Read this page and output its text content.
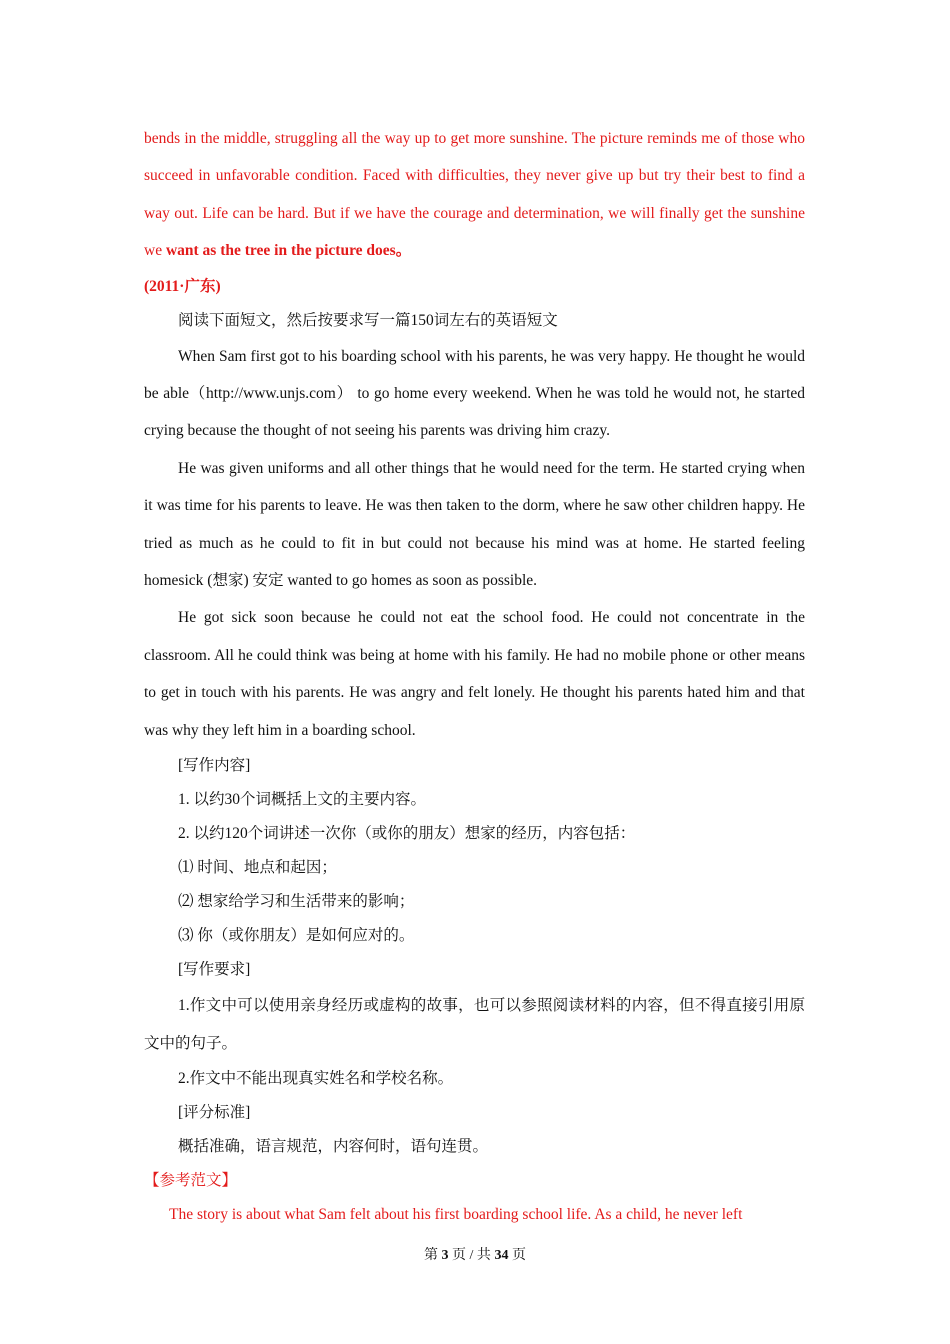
bends in the middle, struggling all the way up to get more sunshine. The picture reminds me of those who succeed in unfavorable condition. Faced with difficulties, they never give up but try their best to find a way out. Life can be hard. But if we have the courage and determination, we will finally get the sunshine we want as the tree in the picture does。

(2011·广东)

阅读下面短文，然后按要求写一篇150词左右的英语短文

When Sam first got to his boarding school with his parents, he was very happy. He thought he would be able（http://www.unjs.com） to go home every weekend. When he was told he would not, he started crying because the thought of not seeing his parents was driving him crazy.

He was given uniforms and all other things that he would need for the term. He started crying when it was time for his parents to leave. He was then taken to the dorm, where he saw other children happy. He tried as much as he could to fit in but could not because his mind was at home. He started feeling homesick (想家) 安定 wanted to go homes as soon as possible.

He got sick soon because he could not eat the school food. He could not concentrate in the classroom. All he could think was being at home with his family. He had no mobile phone or other means to get in touch with his parents. He was angry and felt lonely. He thought his parents hated him and that was why they left him in a boarding school.

[写作内容]

1. 以约30个词概括上文的主要内容。

2. 以约120个词讲述一次你（或你的朋友）想家的经历，内容包括：

⑴ 时间、地点和起因；

⑵ 想家给学习和生活带来的影响；

⑶ 你（或你朋友）是如何应对的。

[写作要求]

1.作文中可以使用亲身经历或虚构的故事，也可以参照阅读材料的内容，但不得直接引用原文中的句子。

2.作文中不能出现真实姓名和学校名称。

[评分标准]

概括准确，语言规范，内容何时，语句连贯。

【参考范文】

The story is about what Sam felt about his first boarding school life. As a child, he never left

第 3 页 / 共 34 页
